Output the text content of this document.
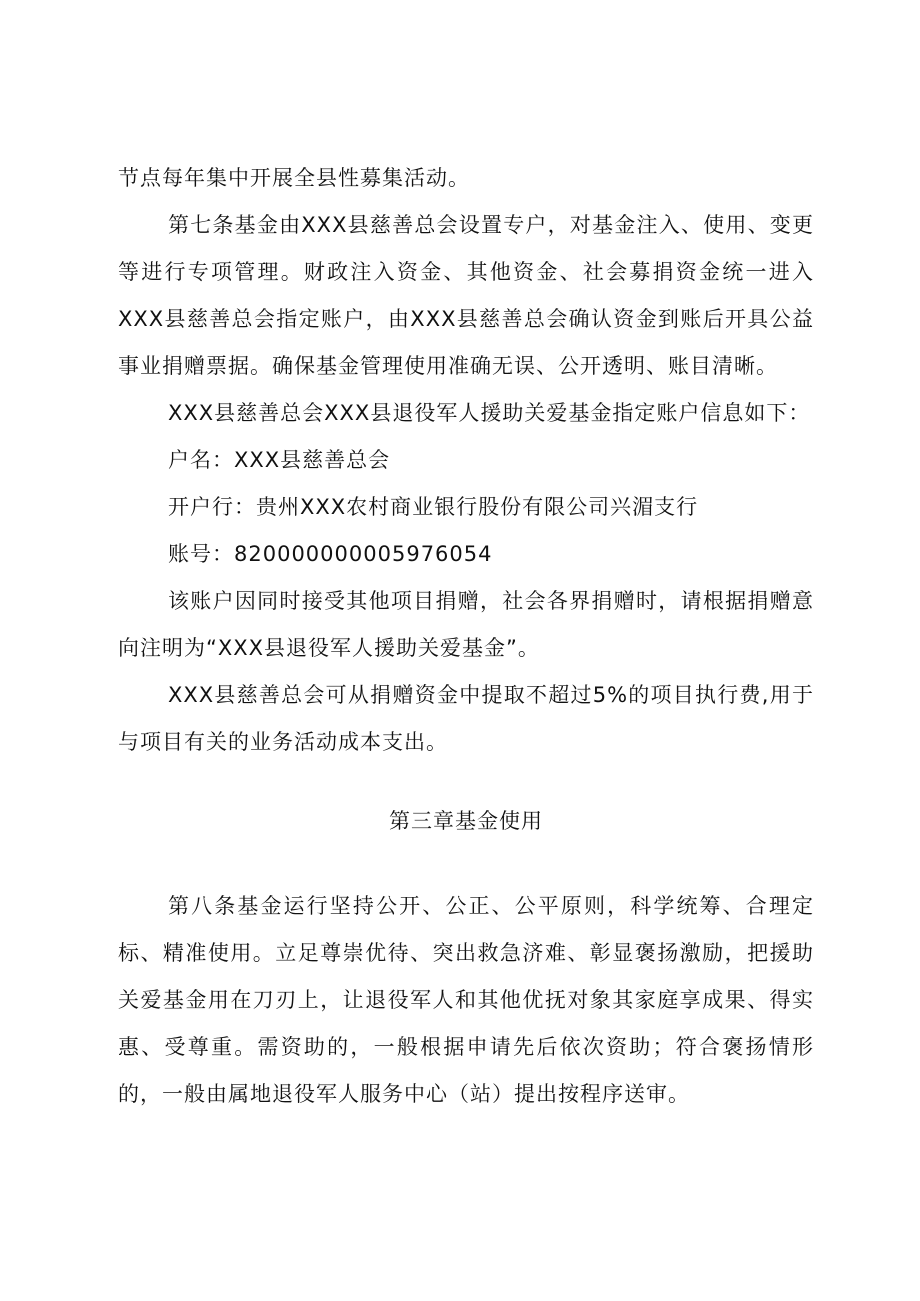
节点每年集中开展全县性募集活动。

第七条基金由XXX县慈善总会设置专户，对基金注入、使用、变更等进行专项管理。财政注入资金、其他资金、社会募捐资金统一进入XXX县慈善总会指定账户，由XXX县慈善总会确认资金到账后开具公益事业捐赠票据。确保基金管理使用准确无误、公开透明、账目清晰。

XXX县慈善总会XXX县退役军人援助关爱基金指定账户信息如下：

户名：XXX县慈善总会

开户行：贵州XXX农村商业银行股份有限公司兴湄支行

账号：820000000005976054

该账户因同时接受其他项目捐赠，社会各界捐赠时，请根据捐赠意向注明为“XXX县退役军人援助关爱基金”。

XXX县慈善总会可从捐赠资金中提取不超过5%的项目执行费,用于与项目有关的业务活动成本支出。

第三章基金使用

第八条基金运行坚持公开、公正、公平原则，科学统筹、合理定标、精准使用。立足尊崇优待、突出救急济难、彰显褒扬激励，把援助关爱基金用在刀刃上，让退役军人和其他优抚对象其家庭享成果、得实惠、受尊重。需资助的，一般根据申请先后依次资助；符合褒扬情形的，一般由属地退役军人服务中心（站）提出按程序送审。
